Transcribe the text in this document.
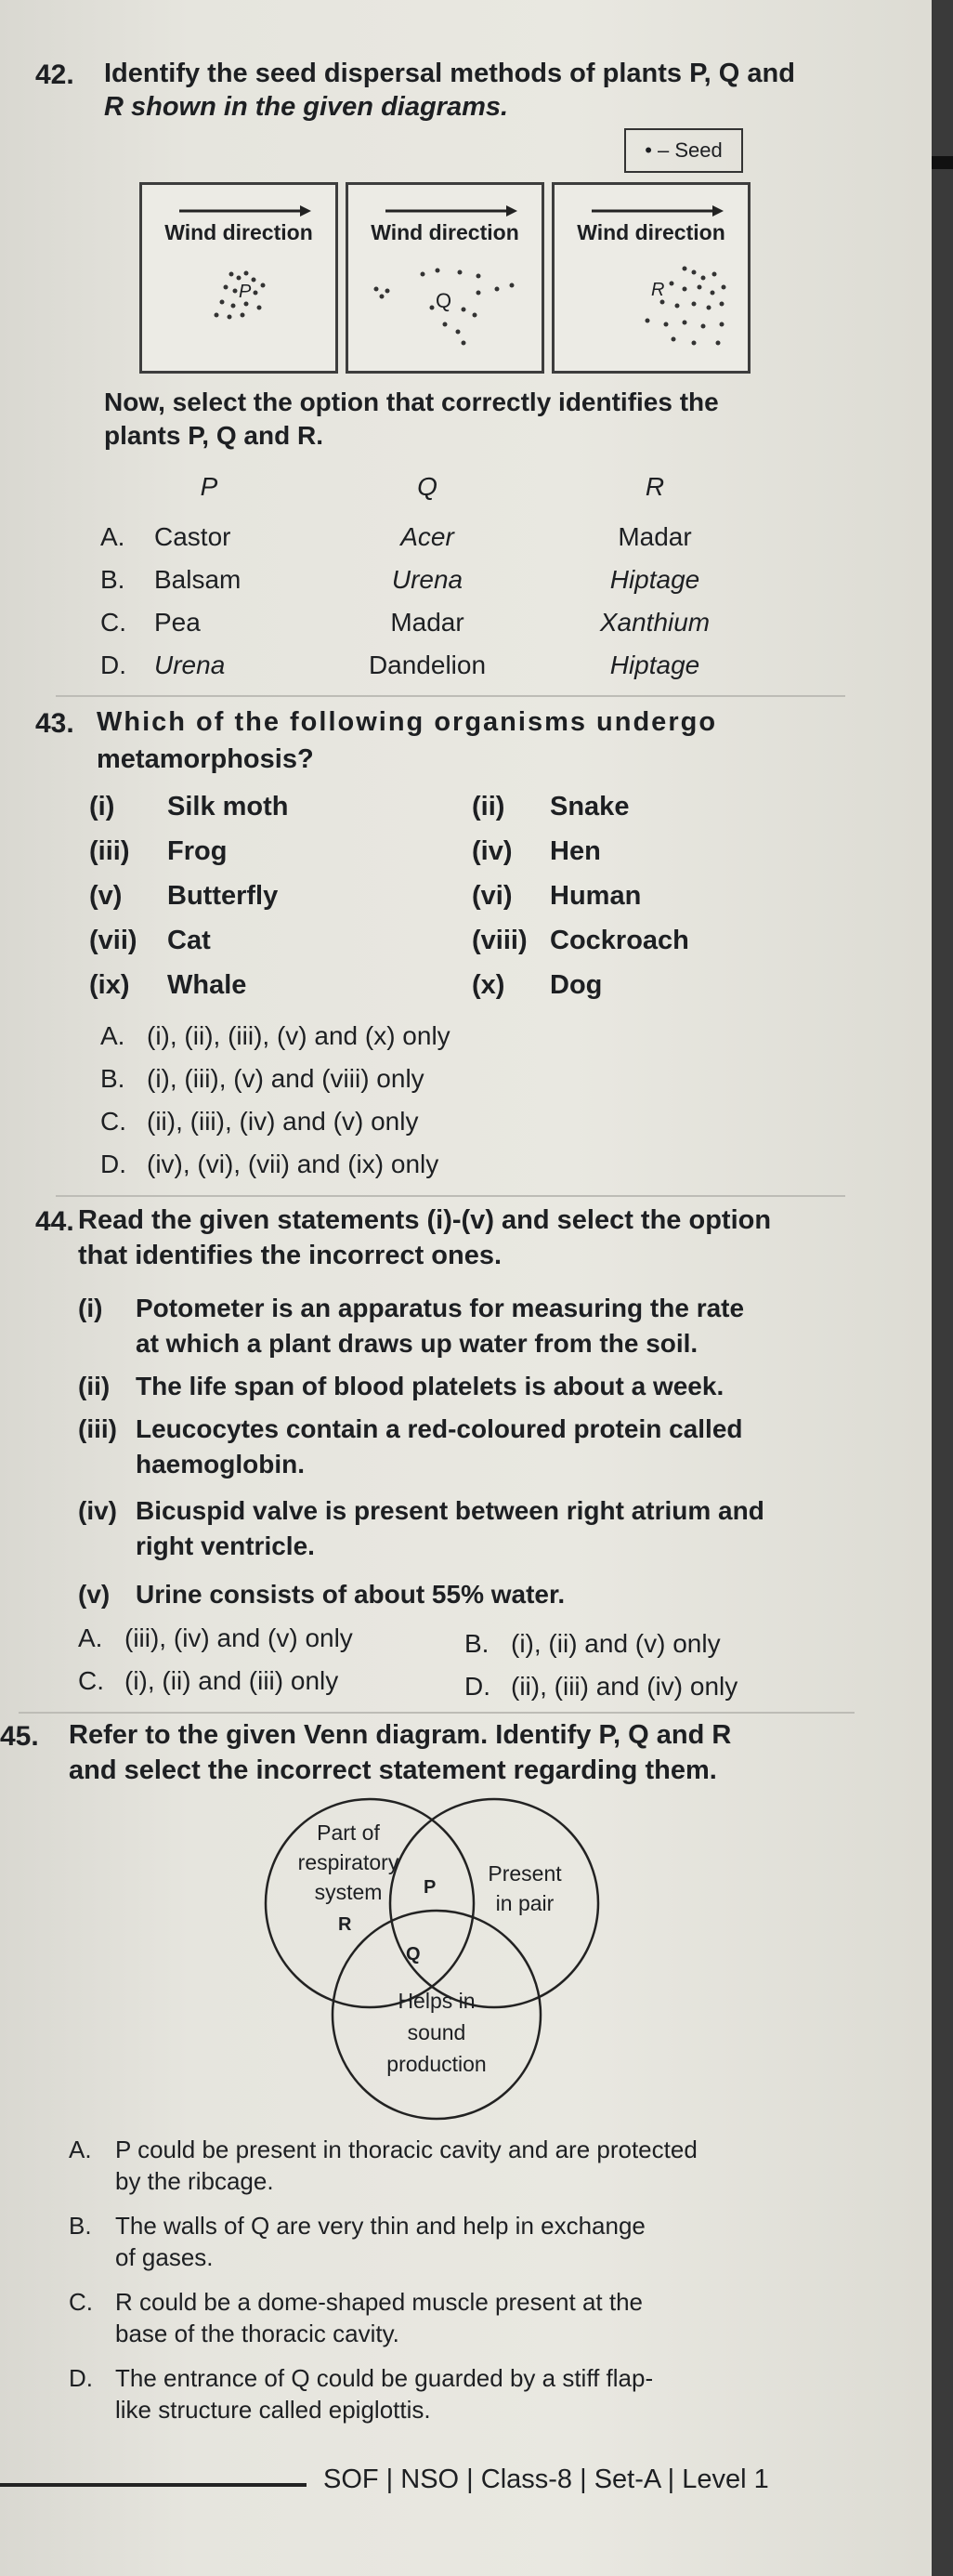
42. Identify the seed dispersal methods of plants P, Q and
R shown in the given diagrams.
• – Seed
Wind direction
P
Wind direction
Q
Wind direction
R
Now, select the option that correctly identifies the
plants P, Q and R.
P	Q	R
A. Castor	Acer	Madar
B. Balsam	Urena	Hiptage
C. Pea	Madar	Xanthium
D. Urena	Dandelion	Hiptage
43. Which of the following organisms undergo
metamorphosis?
(i) Silk moth	(ii) Snake
(iii) Frog	(iv) Hen
(v) Butterfly	(vi) Human
(vii) Cat	(viii) Cockroach
(ix) Whale	(x) Dog
A. (i), (ii), (iii), (v) and (x) only
B. (i), (iii), (v) and (viii) only
C. (ii), (iii), (iv) and (v) only
D. (iv), (vi), (vii) and (ix) only
44. Read the given statements (i)-(v) and select the option
that identifies the incorrect ones.
(i) Potometer is an apparatus for measuring the rate
at which a plant draws up water from the soil.
(ii) The life span of blood platelets is about a week.
(iii) Leucocytes contain a red-coloured protein called
haemoglobin.
(iv) Bicuspid valve is present between right atrium and
right ventricle.
(v) Urine consists of about 55% water.
A. (iii), (iv) and (v) only	B. (i), (ii) and (v) only
C. (i), (ii) and (iii) only	D. (ii), (iii) and (iv) only
45. Refer to the given Venn diagram. Identify P, Q and R
and select the incorrect statement regarding them.
Part of
respiratory
system
Present
in pair
Helps in
sound
production
P
Q
R
A. P could be present in thoracic cavity and are protected
by the ribcage.
B. The walls of Q are very thin and help in exchange
of gases.
C. R could be a dome-shaped muscle present at the
base of the thoracic cavity.
D. The entrance of Q could be guarded by a stiff flap-
like structure called epiglottis.
SOF | NSO | Class-8 | Set-A | Level 1
